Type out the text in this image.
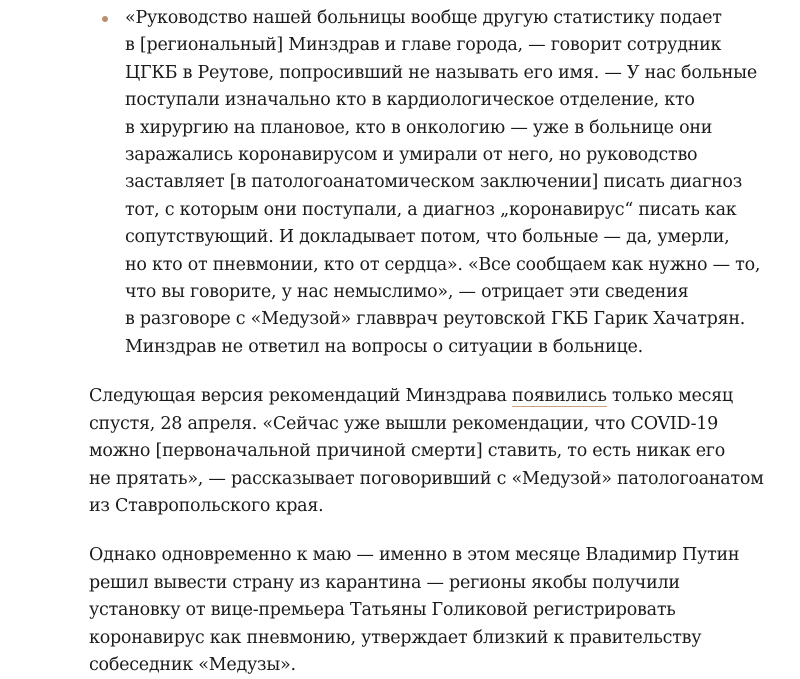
«Руководство нашей больницы вообще другую статистику подает
в [региональный] Минздрав и главе города, — говорит сотрудник
ЦГКБ в Реутове, попросивший не называть его имя. — У нас больные
поступали изначально кто в кардиологическое отделение, кто
в хирургию на плановое, кто в онкологию — уже в больнице они
заражались коронавирусом и умирали от него, но руководство
заставляет [в патологоанатомическом заключении] писать диагноз
тот, с которым они поступали, а диагноз „коронавирус“ писать как
сопутствующий. И докладывает потом, что больные — да, умерли,
но кто от пневмонии, кто от сердца». «Все сообщаем как нужно — то,
что вы говорите, у нас немыслимо», — отрицает эти сведения
в разговоре с «Медузой» главврач реутовской ГКБ Гарик Хачатрян.
Минздрав не ответил на вопросы о ситуации в больнице.

Следующая версия рекомендаций Минздрава появились только месяц
спустя, 28 апреля. «Сейчас уже вышли рекомендации, что COVID-19
можно [первоначальной причиной смерти] ставить, то есть никак его
не прятать», — рассказывает поговоривший с «Медузой» патологоанатом
из Ставропольского края.

Однако одновременно к маю — именно в этом месяце Владимир Путин
решил вывести страну из карантина — регионы якобы получили
установку от вице-премьера Татьяны Голиковой регистрировать
коронавирус как пневмонию, утверждает близкий к правительству
собеседник «Медузы».
